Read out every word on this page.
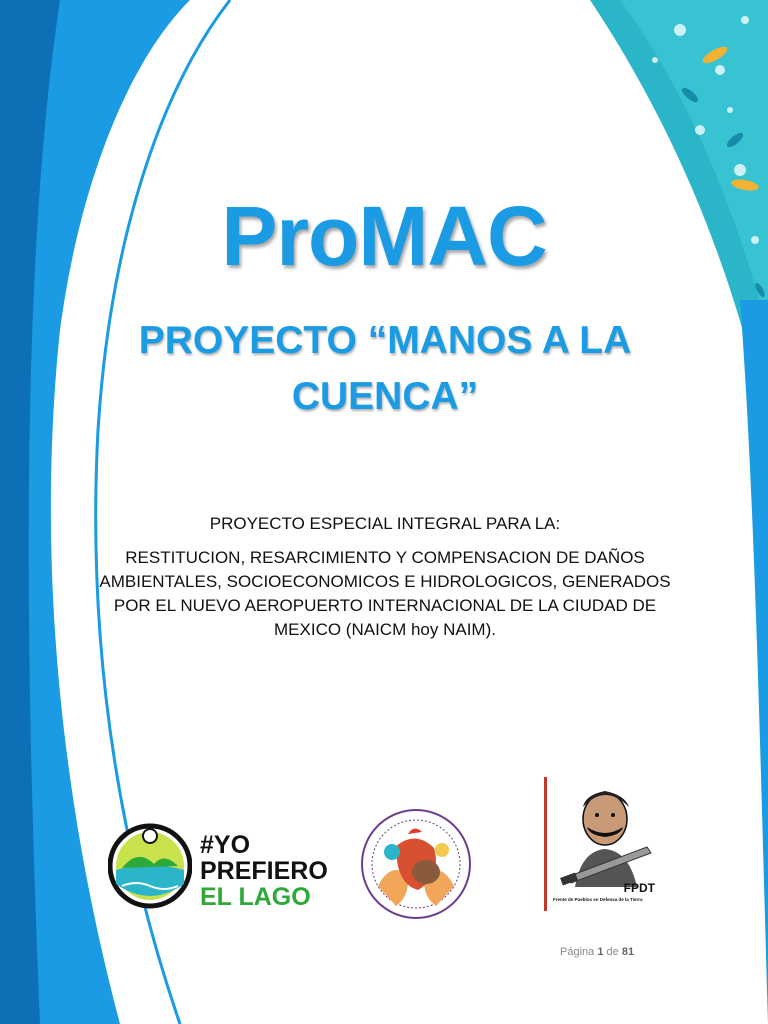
ProMAC
PROYECTO “MANOS A LA
CUENCA”
PROYECTO ESPECIAL INTEGRAL PARA LA:
RESTITUCION, RESARCIMIENTO Y COMPENSACION DE DAÑOS AMBIENTALES, SOCIOECONOMICOS E HIDROLOGICOS, GENERADOS POR EL NUEVO AEROPUERTO INTERNACIONAL DE LA CIUDAD DE MEXICO (NAICM hoy NAIM).
#YO
PREFIERO
EL LAGO	FPDT
Frente de Pueblos en Defensa de la Tierra
Página 1 de 81
